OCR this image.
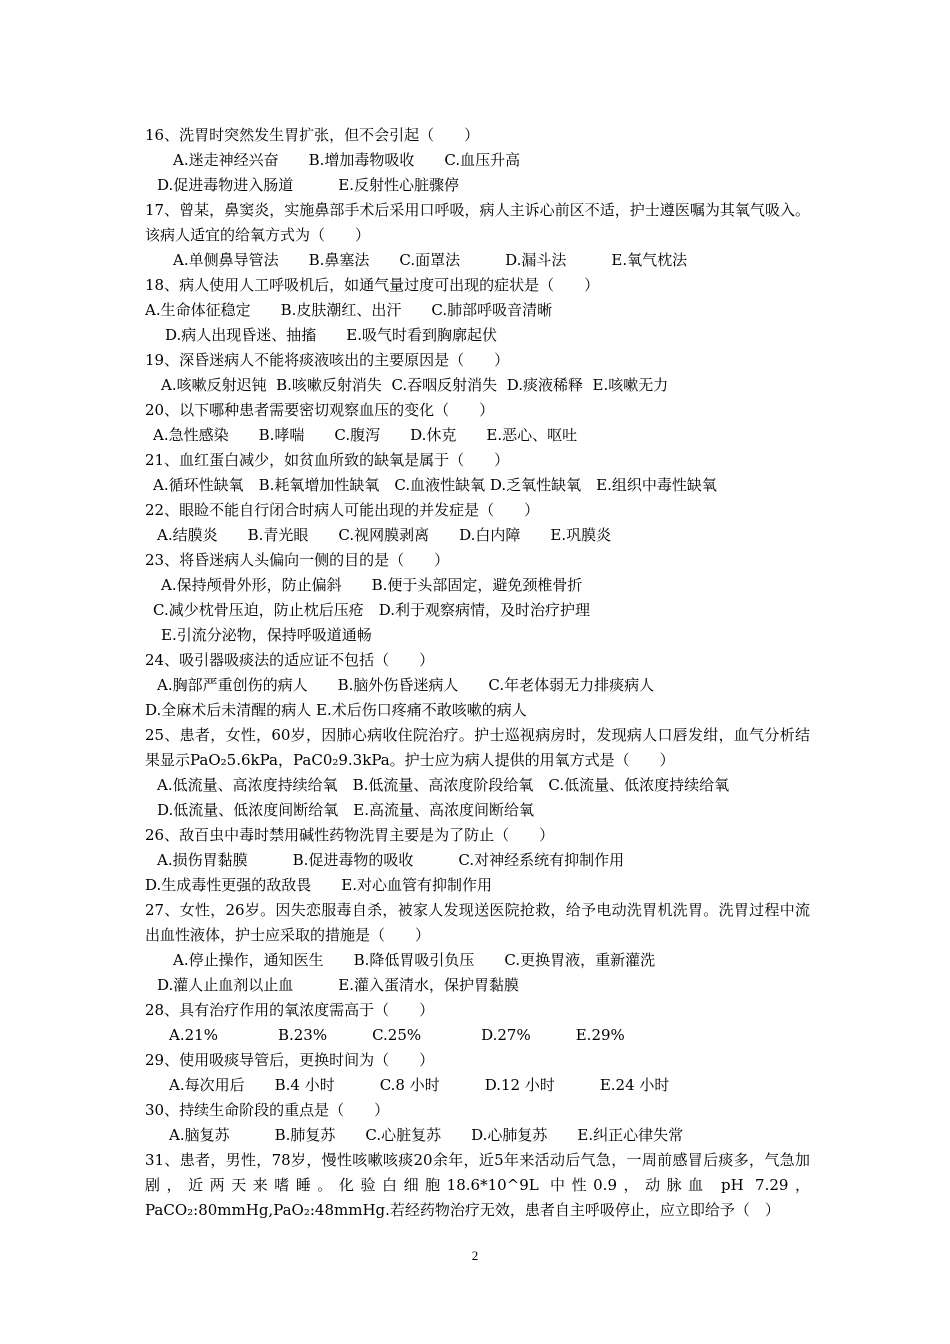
16、洗胃时突然发生胃扩张，但不会引起（　　）
A.迷走神经兴奋　　B.增加毒物吸收　　C.血压升高
D.促进毒物进入肠道　　　E.反射性心脏骤停
17、曾某，鼻窦炎，实施鼻部手术后采用口呼吸，病人主诉心前区不适，护士遵医嘱为其氧气吸入。该病人适宜的给氧方式为（　　）
A.单侧鼻导管法　　B.鼻塞法　　C.面罩法　　　D.漏斗法　　　E.氧气枕法
18、病人使用人工呼吸机后，如通气量过度可出现的症状是（　　）
A.生命体征稳定　　B.皮肤潮红、出汗　　C.肺部呼吸音清晰
D.病人出现昏迷、抽搐　　E.吸气时看到胸廓起伏
19、深昏迷病人不能将痰液咳出的主要原因是（　　）
A.咳嗽反射迟钝  B.咳嗽反射消失  C.吞咽反射消失  D.痰液稀释  E.咳嗽无力
20、以下哪种患者需要密切观察血压的变化（　　）
A.急性感染　　B.哮喘　　C.腹泻　　D.休克　　E.恶心、呕吐
21、血红蛋白减少，如贫血所致的缺氧是属于（　　）
A.循环性缺氧　B.耗氧增加性缺氧　C.血液性缺氧 D.乏氧性缺氧　E.组织中毒性缺氧
22、眼睑不能自行闭合时病人可能出现的并发症是（　　）
A.结膜炎　　B.青光眼　　C.视网膜剥离　　D.白内障　　E.巩膜炎
23、将昏迷病人头偏向一侧的目的是（　　）
A.保持颅骨外形，防止偏斜　　B.便于头部固定，避免颈椎骨折
C.减少枕骨压迫，防止枕后压疮　D.利于观察病情，及时治疗护理
E.引流分泌物，保持呼吸道通畅
24、吸引器吸痰法的适应证不包括（　　）
A.胸部严重创伤的病人　　B.脑外伤昏迷病人　　C.年老体弱无力排痰病人
D.全麻术后未清醒的病人 E.术后伤口疼痛不敢咳嗽的病人
25、患者，女性，60岁，因肺心病收住院治疗。护士巡视病房时，发现病人口唇发绀，血气分析结果显示PaO₂5.6kPa，PaC0₂9.3kPa。护士应为病人提供的用氧方式是（　　）
A.低流量、高浓度持续给氧　B.低流量、高浓度阶段给氧　C.低流量、低浓度持续给氧
D.低流量、低浓度间断给氧　E.高流量、高浓度间断给氧
26、敌百虫中毒时禁用碱性药物洗胃主要是为了防止（　　）
A.损伤胃黏膜　　　B.促进毒物的吸收　　　C.对神经系统有抑制作用
D.生成毒性更强的敌敌畏　　E.对心血管有抑制作用
27、女性，26岁。因失恋服毒自杀，被家人发现送医院抢救，给予电动洗胃机洗胃。洗胃过程中流出血性液体，护士应采取的措施是（　　）
A.停止操作，通知医生　　B.降低胃吸引负压　　C.更换胃液，重新灌洗
D.灌人止血剂以止血　　　E.灌入蛋清水，保护胃黏膜
28、具有治疗作用的氧浓度需高于（　　）
A.21%　　　　B.23%　　　C.25%　　　　D.27%　　　E.29%
29、使用吸痰导管后，更换时间为（　　）
A.每次用后　　B.4 小时　　　C.8 小时　　　D.12 小时　　　E.24 小时
30、持续生命阶段的重点是（　　）
A.脑复苏　　　B.肺复苏　　C.心脏复苏　　D.心肺复苏　　E.纠正心律失常
31、患者，男性，78岁，慢性咳嗽咳痰20余年，近5年来活动后气急，一周前感冒后痰多，气急加剧，近两天来嗜睡。化验白细胞18.6*10^9L 中性0.9，动脉血 pH 7.29，PaCO₂:80mmHg,PaO₂:48mmHg.若经药物治疗无效，患者自主呼吸停止，应立即给予（　）
2
